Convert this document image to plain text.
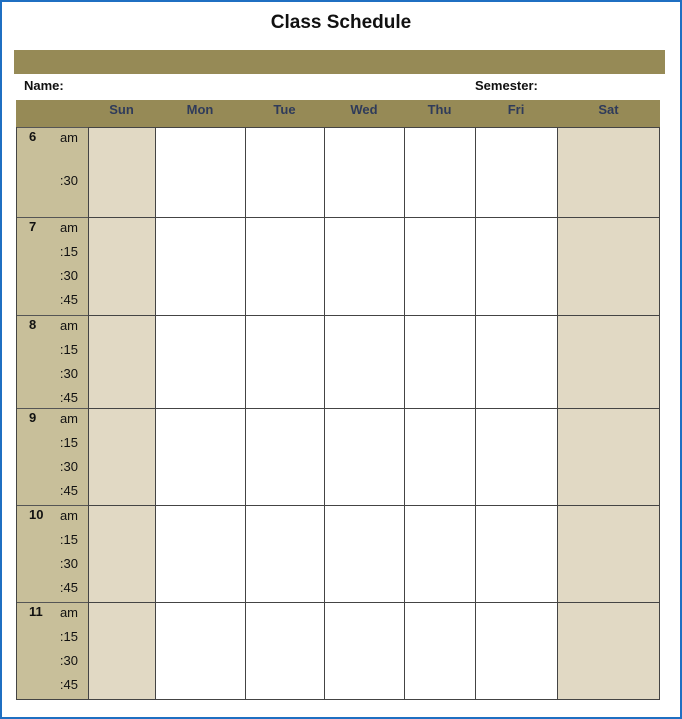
Class Schedule
Name:	Semester:
Sun	Mon	Tue	Wed	Thu	Fri	Sat
6 am
:30
7 am
:15
:30
:45
8 am
:15
:30
:45
9 am
:15
:30
:45
10 am
:15
:30
:45
11 am
:15
:30
:45
